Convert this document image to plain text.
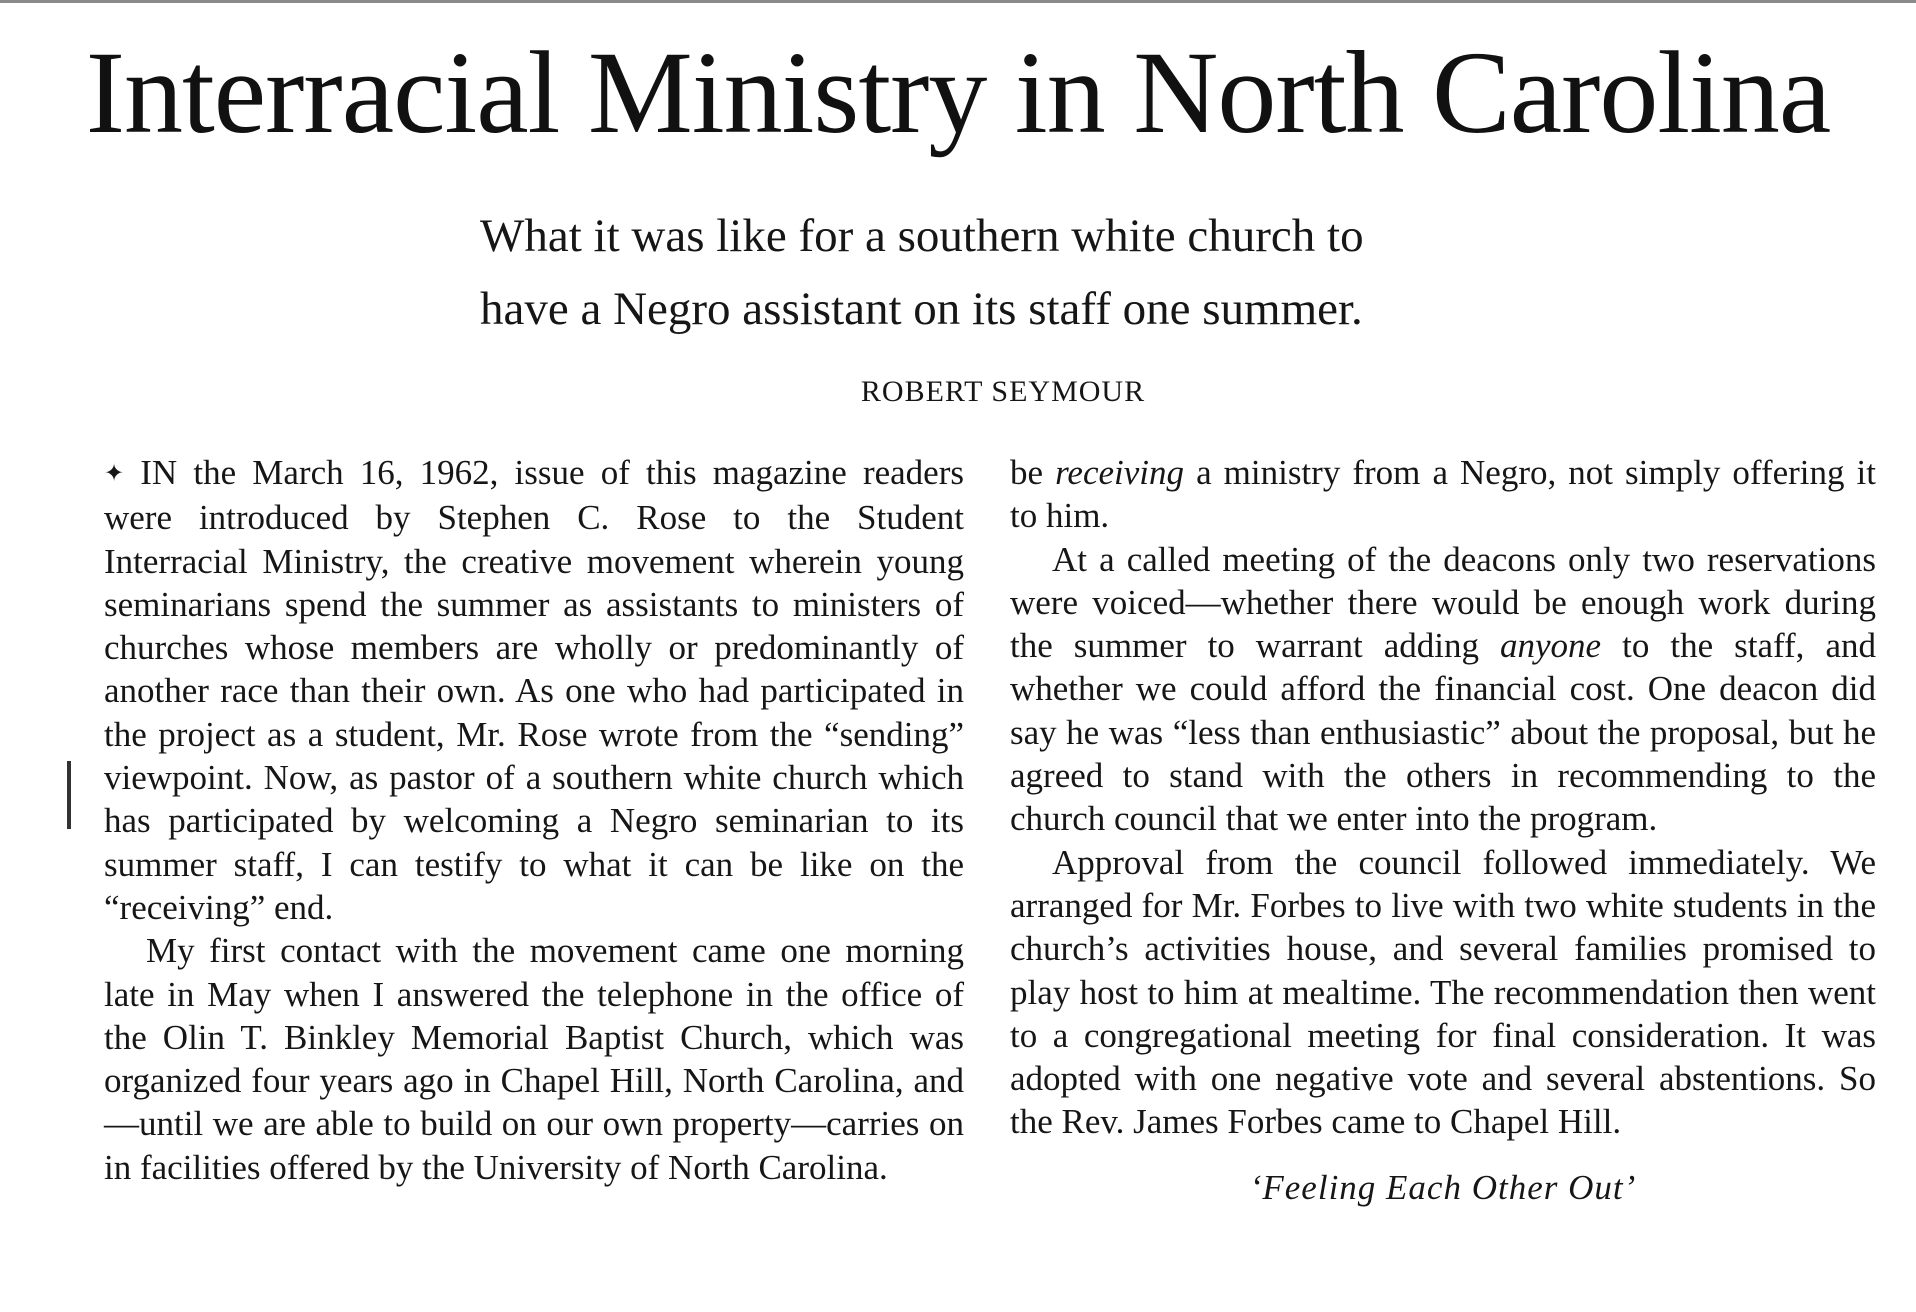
Interracial Ministry in North Carolina
What it was like for a southern white church to
have a Negro assistant on its staff one summer.
ROBERT SEYMOUR

✦ IN the March 16, 1962, issue of this magazine readers were introduced by Stephen C. Rose to the Student Interracial Ministry, the creative movement wherein young seminarians spend the summer as assistants to ministers of churches whose members are wholly or predominantly of another race than their own. As one who had participated in the project as a student, Mr. Rose wrote from the “sending” viewpoint. Now, as pastor of a southern white church which has participated by welcoming a Negro seminarian to its summer staff, I can testify to what it can be like on the “receiving” end.

My first contact with the movement came one morning late in May when I answered the telephone in the office of the Olin T. Binkley Memorial Baptist Church, which was organized four years ago in Chapel Hill, North Carolina, and—until we are able to build on our own property—carries on in facilities offered by the University of North Carolina.

be receiving a ministry from a Negro, not simply offering it to him.

At a called meeting of the deacons only two reservations were voiced—whether there would be enough work during the summer to warrant adding anyone to the staff, and whether we could afford the financial cost. One deacon did say he was “less than enthusiastic” about the proposal, but he agreed to stand with the others in recommending to the church council that we enter into the program.

Approval from the council followed immediately. We arranged for Mr. Forbes to live with two white students in the church’s activities house, and several families promised to play host to him at mealtime. The recommendation then went to a congregational meeting for final consideration. It was adopted with one negative vote and several abstentions. So the Rev. James Forbes came to Chapel Hill.

‘Feeling Each Other Out’
